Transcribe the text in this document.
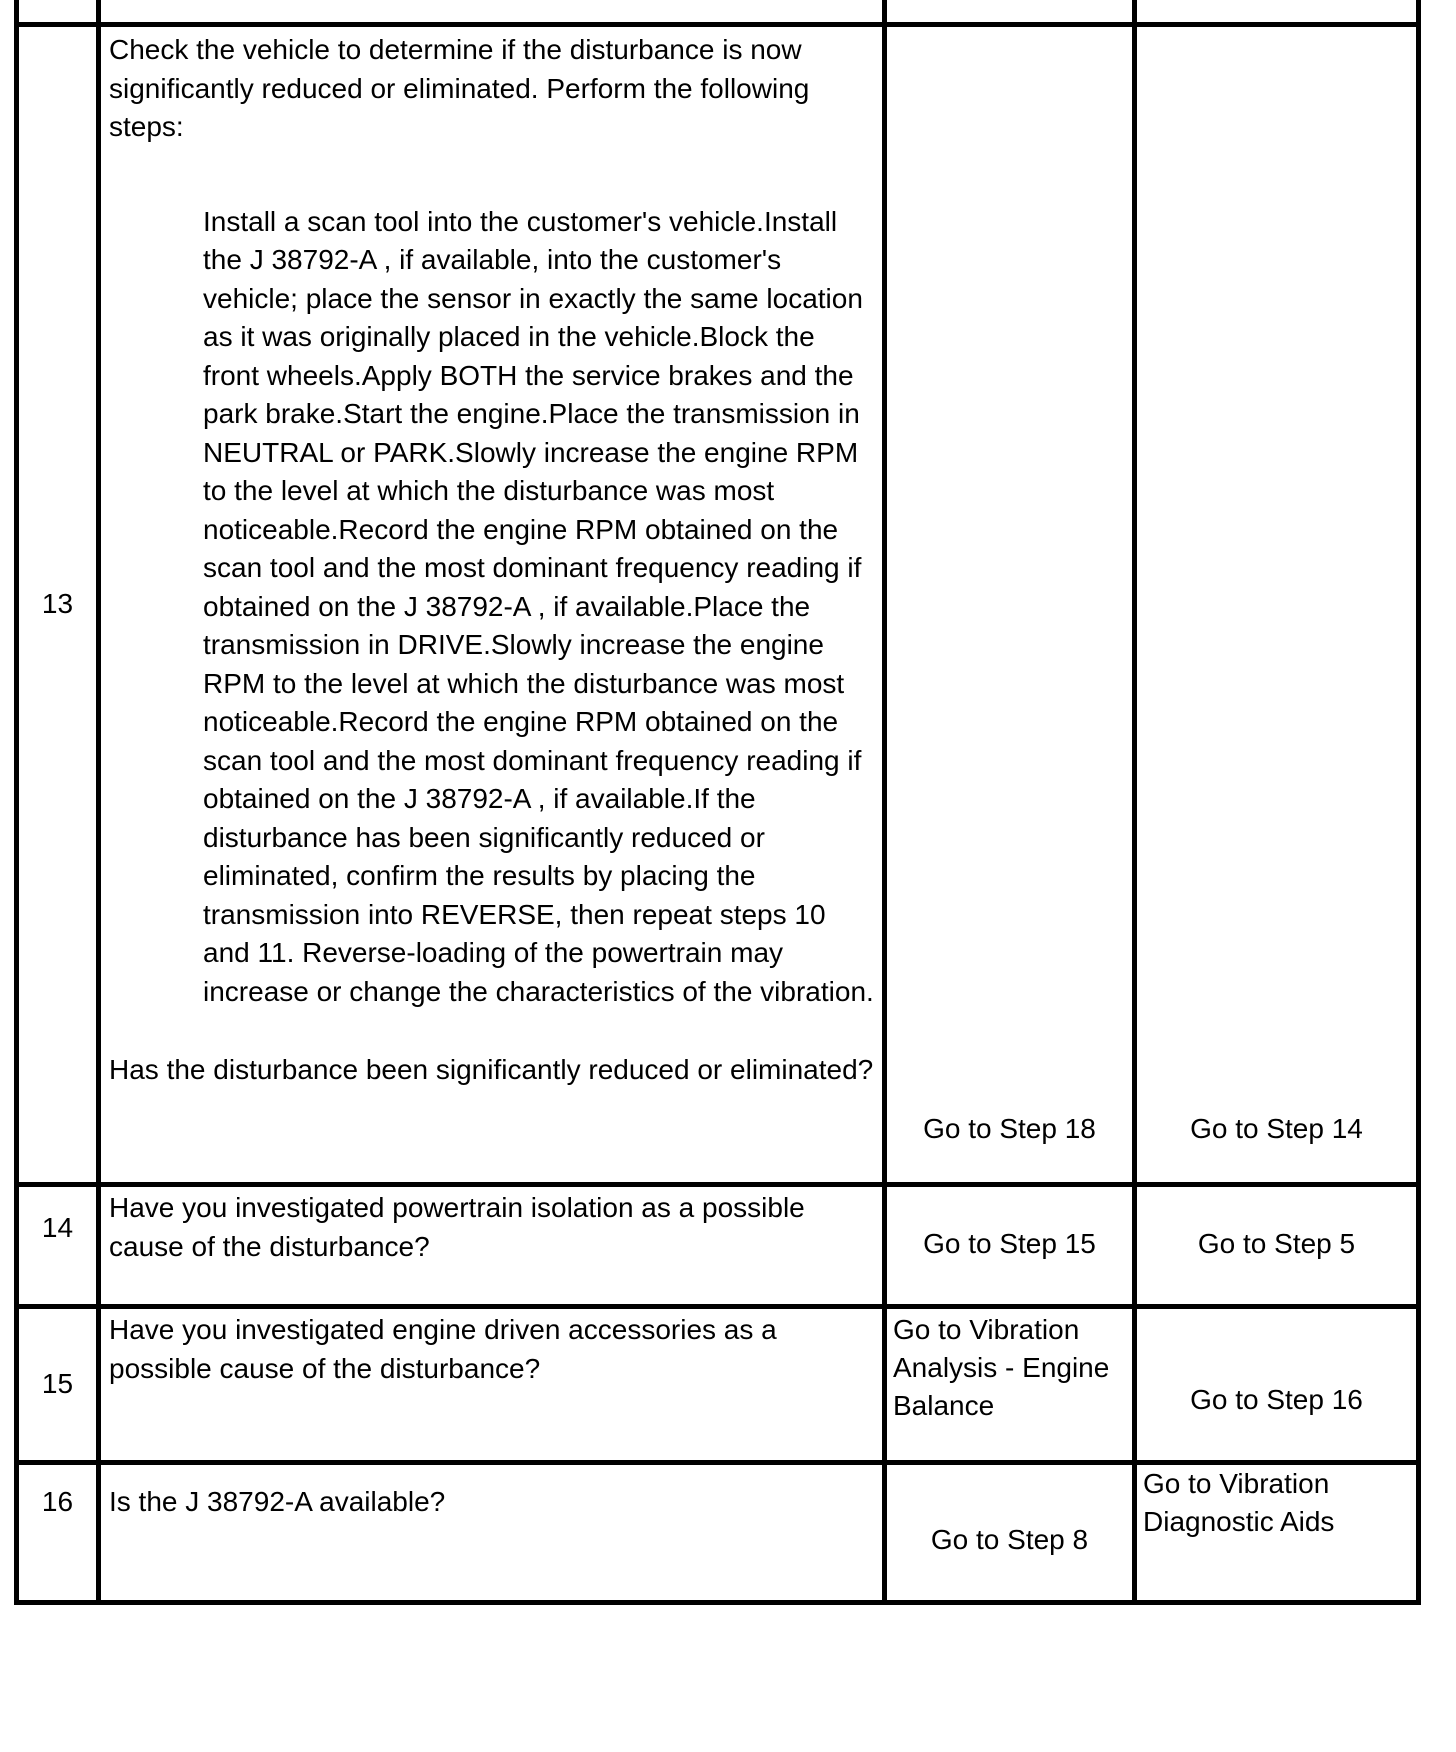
13	Check the vehicle to determine if the disturbance is now significantly reduced or eliminated. Perform the following steps:

Install a scan tool into the customer's vehicle.Install the J 38792-A , if available, into the customer's vehicle; place the sensor in exactly the same location as it was originally placed in the vehicle.Block the front wheels.Apply BOTH the service brakes and the park brake.Start the engine.Place the transmission in NEUTRAL or PARK.Slowly increase the engine RPM to the level at which the disturbance was most noticeable.Record the engine RPM obtained on the scan tool and the most dominant frequency reading if obtained on the J 38792-A , if available.Place the transmission in DRIVE.Slowly increase the engine RPM to the level at which the disturbance was most noticeable.Record the engine RPM obtained on the scan tool and the most dominant frequency reading if obtained on the J 38792-A , if available.If the disturbance has been significantly reduced or eliminated, confirm the results by placing the transmission into REVERSE, then repeat steps 10 and 11. Reverse-loading of the powertrain may increase or change the characteristics of the vibration.

Has the disturbance been significantly reduced or eliminated?	Go to Step 18	Go to Step 14

14	Have you investigated powertrain isolation as a possible cause of the disturbance?	Go to Step 15	Go to Step 5

15	Have you investigated engine driven accessories as a possible cause of the disturbance?	Go to Vibration Analysis - Engine Balance	Go to Step 16

16	Is the J 38792-A available?	Go to Step 8	Go to Vibration Diagnostic Aids
